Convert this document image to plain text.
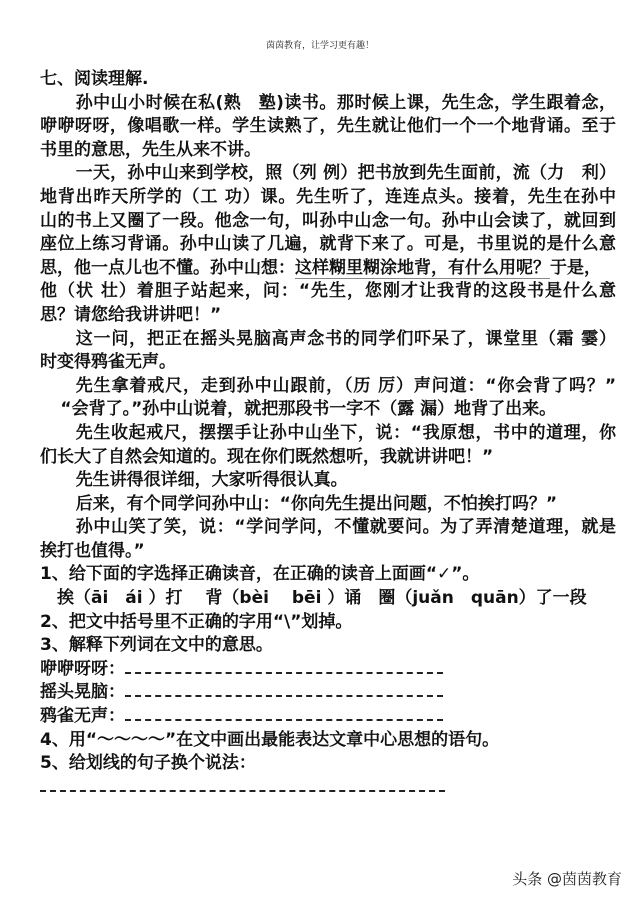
茵茵教育，让学习更有趣！
七、阅读理解.
孙中山小时候在私(熟　塾)读书。那时候上课，先生念，学生跟着念，
咿咿呀呀，像唱歌一样。学生读熟了，先生就让他们一个一个地背诵。至于
书里的意思，先生从来不讲。
一天，孙中山来到学校，照（列 例）把书放到先生面前，流（力　利）
地背出昨天所学的（工 功）课。先生听了，连连点头。接着，先生在孙中
山的书上又圈了一段。他念一句，叫孙中山念一句。孙中山会读了，就回到
座位上练习背诵。孙中山读了几遍，就背下来了。可是，书里说的是什么意
思，他一点儿也不懂。孙中山想：这样糊里糊涂地背，有什么用呢？于是，
他（状 壮）着胆子站起来，问：“先生，您刚才让我背的这段书是什么意
思？请您给我讲讲吧！”
这一问，把正在摇头晃脑高声念书的同学们吓呆了，课堂里（霜 霎）
时变得鸦雀无声。
先生拿着戒尺，走到孙中山跟前，（历 厉）声问道：“你会背了吗？”
“会背了。”孙中山说着，就把那段书一字不（露 漏）地背了出来。
先生收起戒尺，摆摆手让孙中山坐下，说：“我原想，书中的道理，你
们长大了自然会知道的。现在你们既然想听，我就讲讲吧！”
先生讲得很详细，大家听得很认真。
后来，有个同学问孙中山：“你向先生提出问题，不怕挨打吗？”
孙中山笑了笑，说：“学问学问，不懂就要问。为了弄清楚道理，就是
挨打也值得。”
1、给下面的字选择正确读音，在正确的读音上面画“✓”。
挨（āi　ái ）打　 背（bèi　 bēi ）诵　圈（juǎn　quān）了一段
2、把文中括号里不正确的字用“\”划掉。
3、解释下列词在文中的意思。
咿咿呀呀：
摇头晃脑：
鸦雀无声：
4、用“～～～～”在文中画出最能表达文章中心思想的语句。
5、给划线的句子换个说法：
头条 @茵茵教育
